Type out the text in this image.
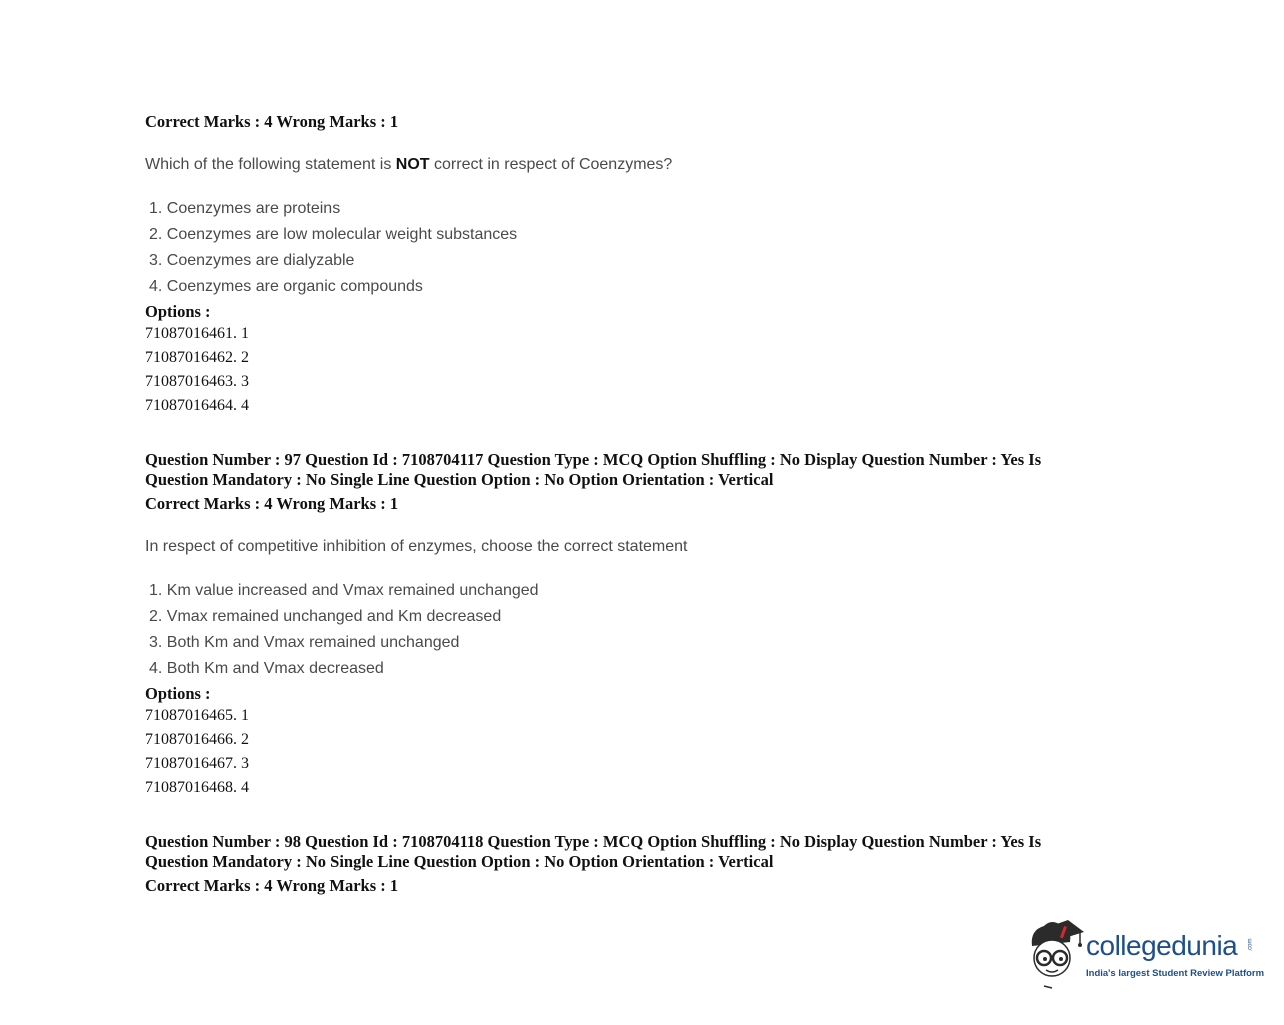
Correct Marks : 4 Wrong Marks : 1
Which of the following statement is NOT correct in respect of Coenzymes?
1. Coenzymes are proteins
2. Coenzymes are low molecular weight substances
3. Coenzymes are dialyzable
4. Coenzymes are organic compounds
Options :
71087016461. 1
71087016462. 2
71087016463. 3
71087016464. 4
Question Number : 97 Question Id : 7108704117 Question Type : MCQ Option Shuffling : No Display Question Number : Yes Is
Question Mandatory : No Single Line Question Option : No Option Orientation : Vertical
Correct Marks : 4 Wrong Marks : 1
In respect of competitive inhibition of enzymes, choose the correct statement
1. Km value increased and Vmax remained unchanged
2. Vmax remained unchanged and Km decreased
3. Both Km and Vmax remained unchanged
4. Both Km and Vmax decreased
Options :
71087016465. 1
71087016466. 2
71087016467. 3
71087016468. 4
Question Number : 98 Question Id : 7108704118 Question Type : MCQ Option Shuffling : No Display Question Number : Yes Is
Question Mandatory : No Single Line Question Option : No Option Orientation : Vertical
Correct Marks : 4 Wrong Marks : 1
collegedunia .com
India's largest Student Review Platform
